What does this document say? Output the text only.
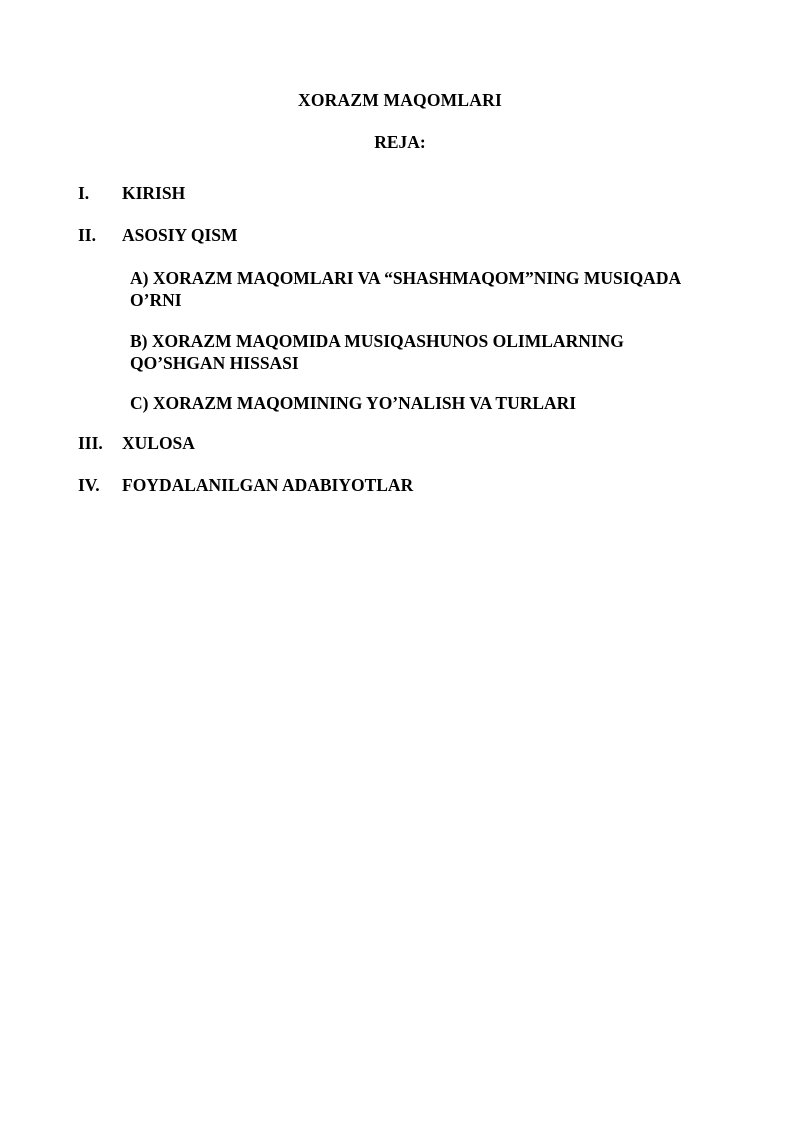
XORAZM MAQOMLARI
REJA:
I.	KIRISH
II.	ASOSIY QISM
A) XORAZM MAQOMLARI VA “SHASHMAQOM”NING MUSIQADA O’RNI
B) XORAZM MAQOMIDA MUSIQASHUNOS OLIMLARNING QO’SHGAN HISSASI
C) XORAZM MAQOMINING YO’NALISH VA TURLARI
III.	XULOSA
IV.	FOYDALANILGAN ADABIYOTLAR
